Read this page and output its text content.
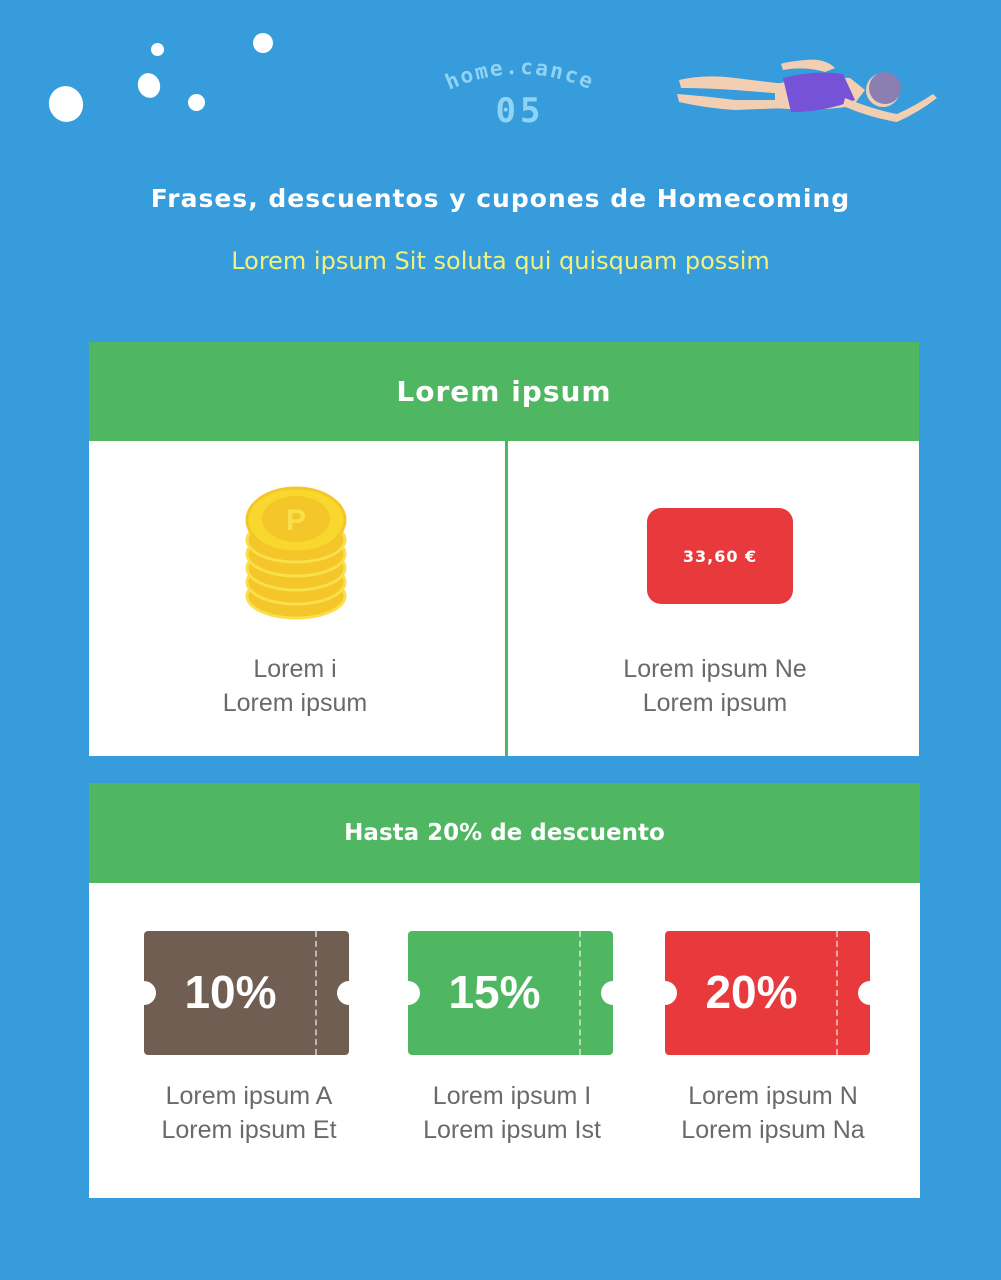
home.cance
05
Frases, descuentos y cupones de Homecoming
Lorem ipsum Sit soluta qui quisquam possim
Lorem ipsum
P
Lorem i
Lorem ipsum
33,60 €
Lorem ipsum Ne
Lorem ipsum
Hasta 20% de descuento
10%	15%	20%
Lorem ipsum A
Lorem ipsum Et
Lorem ipsum I
Lorem ipsum Ist
Lorem ipsum N
Lorem ipsum Na
